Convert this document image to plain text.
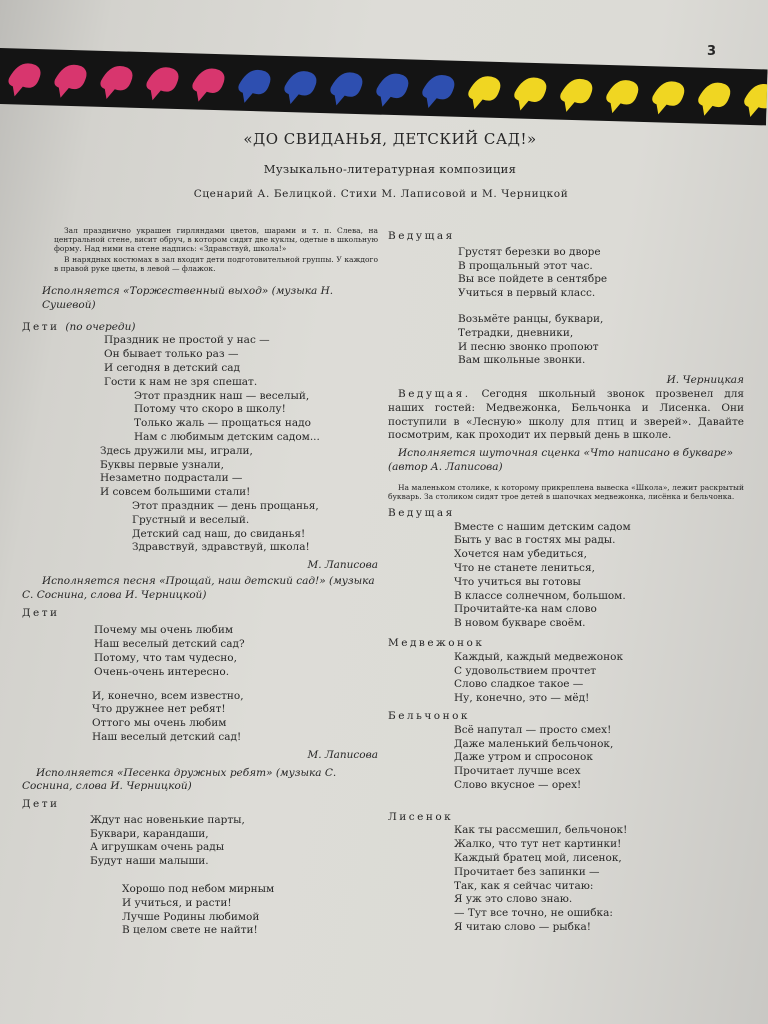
3
«ДО СВИДАНЬЯ, ДЕТСКИЙ САД!»
Музыкально-литературная композиция
Сценарий А. Белицкой. Стихи М. Лаписовой и М. Черницкой

Зал празднично украшен гирляндами цветов, шарами и т. п. Слева, на центральной стене, висит обруч, в котором сидят две куклы, одетые в школьную форму. Над ними на стене надпись: «Здравствуй, школа!»

В нарядных костюмах в зал входят дети подготовительной группы. У каждого в правой руке цветы, в левой — флажок.

Исполняется «Торжественный выход» (музыка Н. Сушевой)

Дети (по очереди)

Праздник не простой у нас —
Он бывает только раз —
И сегодня в детский сад
Гости к нам не зря спешат.
Этот праздник наш — веселый,
Потому что скоро в школу!
Только жаль — прощаться надо
Нам с любимым детским садом...
Здесь дружили мы, играли,
Буквы первые узнали,
Незаметно подрастали —
И совсем большими стали!
Этот праздник — день прощанья,
Грустный и веселый.
Детский сад наш, до свиданья!
Здравствуй, здравствуй, школа!

М. Лаписова

Исполняется песня «Прощай, наш детский сад!» (музыка С. Соснина, слова И. Черницкой)

Дети

Почему мы очень любим
Наш веселый детский сад?
Потому, что там чудесно,
Очень-очень интересно.
И, конечно, всем известно,
Что дружнее нет ребят!
Оттого мы очень любим
Наш веселый детский сад!

М. Лаписова

Исполняется «Песенка дружных ребят» (музыка С. Соснина, слова И. Черницкой)

Дети

Ждут нас новенькие парты,
Буквари, карандаши,
А игрушкам очень рады
Будут наши малыши.
Хорошо под небом мирным
И учиться, и расти!
Лучше Родины любимой
В целом свете не найти!

Ведущая

Грустят березки во дворе
В прощальный этот час.
Вы все пойдете в сентябре
Учиться в первый класс.
Возьмёте ранцы, буквари,
Тетрадки, дневники,
И песню звонко пропоют
Вам школьные звонки.

И. Черницкая

Ведущая. Сегодня школьный звонок прозвенел для наших гостей: Медвежонка, Бельчонка и Лисенка. Они поступили в «Лесную» школу для птиц и зверей». Давайте посмотрим, как проходит их первый день в школе.

Исполняется шуточная сценка «Что написано в букваре» (автор А. Лаписова)

На маленьком столике, к которому прикреплена вывеска «Школа», лежит раскрытый букварь. За столиком сидят трое детей в шапочках медвежонка, лисёнка и бельчонка.

Ведущая

Вместе с нашим детским садом
Быть у вас в гостях мы рады.
Хочется нам убедиться,
Что не станете лениться,
Что учиться вы готовы
В классе солнечном, большом.
Прочитайте-ка нам слово
В новом букваре своём.

Медвежонок

Каждый, каждый медвежонок
С удовольствием прочтет
Слово сладкое такое —
Ну, конечно, это — мёд!

Бельчонок

Всё напутал — просто смех!
Даже маленький бельчонок,
Даже утром и спросонок
Прочитает лучше всех
Слово вкусное — орех!

Лисенок

Как ты рассмешил, бельчонок!
Жалко, что тут нет картинки!
Каждый братец мой, лисенок,
Прочитает без запинки —
Так, как я сейчас читаю:
Я уж это слово знаю.
— Тут все точно, не ошибка:
Я читаю слово — рыбка!
